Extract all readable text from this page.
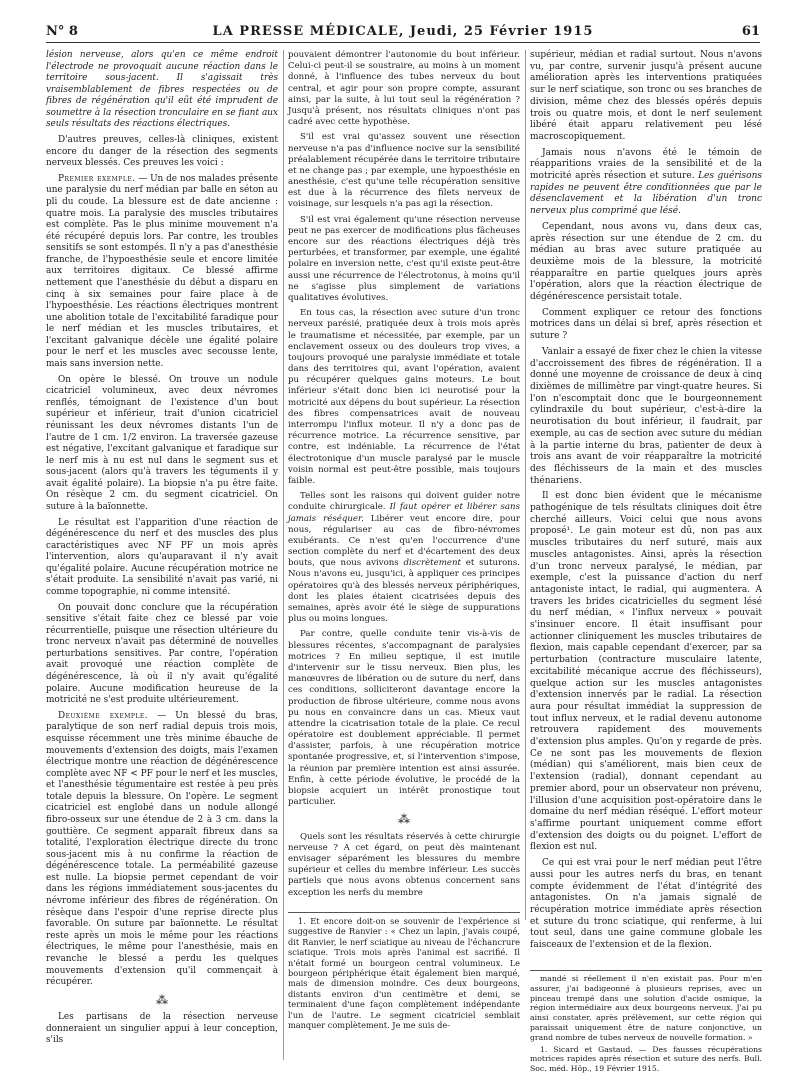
N° 8	LA PRESSE MÉDICALE, Jeudi, 25 Février 1915	61

lésion nerveuse, alors qu'en ce même endroit l'électrode ne provoquait aucune réaction dans le territoire sous-jacent. Il s'agissait très vraisemblablement de fibres respectées ou de fibres de régénération qu'il eût été imprudent de soumettre à la résection tronculaire en se fiant aux seuls résultats des réactions électriques.

D'autres preuves, celles-là cliniques, existent encore du danger de la résection des segments nerveux blessés. Ces preuves les voici :

Premier exemple. — Un de nos malades présente une paralysie du nerf médian par balle en séton au pli du coude. La blessure est de date ancienne : quatre mois. La paralysie des muscles tributaires est complète. Pas le plus minime mouvement n'a été récupéré depuis lors. Par contre, les troubles sensitifs se sont estompés. Il n'y a pas d'anesthésie franche, de l'hypoesthésie seule et encore limitée aux territoires digitaux. Ce blessé affirme nettement que l'anesthésie du début a disparu en cinq à six semaines pour faire place à de l'hypoesthésie. Les réactions électriques montrent une abolition totale de l'excitabilité faradique pour le nerf médian et les muscles tributaires, et l'excitant galvanique décèle une égalité polaire pour le nerf et les muscles avec secousse lente, mais sans inversion nette.

On opère le blessé. On trouve un nodule cicatriciel volumineux, avec deux névromes renflés, témoignant de l'existence d'un bout supérieur et inférieur, trait d'union cicatriciel réunissant les deux névromes distants l'un de l'autre de 1 cm. 1/2 environ. La traversée gazeuse est négative, l'excitant galvanique et faradique sur le nerf mis à nu est nul dans le segment sus et sous-jacent (alors qu'à travers les téguments il y avait égalité polaire). La biopsie n'a pu être faite. On résèque 2 cm. du segment cicatriciel. On suture à la baïonnette.

Le résultat est l'apparition d'une réaction de dégénérescence du nerf et des muscles des plus caractéristiques avec NF PF un mois après l'intervention, alors qu'auparavant il n'y avait qu'égalité polaire. Aucune récupération motrice ne s'était produite. La sensibilité n'avait pas varié, ni comme topographie, ni comme intensité.

On pouvait donc conclure que la récupération sensitive s'était faite chez ce blessé par voie récurrentielle, puisque une résection ultérieure du tronc nerveux n'avait pas déterminé de nouvelles perturbations sensitives. Par contre, l'opération avait provoqué une réaction complète de dégénérescence, là où il n'y avait qu'égalité polaire. Aucune modification heureuse de la motricité ne s'est produite ultérieurement.

Deuxième exemple. — Un blessé du bras, paralytique de son nerf radial depuis trois mois, esquisse récemment une très minime ébauche de mouvements d'extension des doigts, mais l'examen électrique montre une réaction de dégénérescence complète avec NF < PF pour le nerf et les muscles, et l'anesthésie tégumentaire est restée à peu près totale depuis la blessure. On l'opère. Le segment cicatriciel est englobé dans un nodule allongé fibro-osseux sur une étendue de 2 à 3 cm. dans la gouttière. Ce segment apparaît fibreux dans sa totalité, l'exploration électrique directe du tronc sous-jacent mis à nu confirme la réaction de dégénérescence totale. La perméabilité gazeuse est nulle. La biopsie permet cependant de voir dans les régions immédiatement sous-jacentes du névrome inférieur des fibres de régénération. On résèque dans l'espoir d'une reprise directe plus favorable. On suture par baïonnette. Le résultat reste après un mois le même pour les réactions électriques, le même pour l'anesthésie, mais en revanche le blessé a perdu les quelques mouvements d'extension qu'il commençait à récupérer.

⁂

Les partisans de la résection nerveuse donneraient un singulier appui à leur conception, s'ils

pouvaient démontrer l'autonomie du bout inférieur. Celui-ci peut-il se soustraire, au moins à un moment donné, à l'influence des tubes nerveux du bout central, et agir pour son propre compte, assurant ainsi, par la suite, à lui tout seul la régénération ? Jusqu'à présent, nos résultats cliniques n'ont pas cadré avec cette hypothèse.

S'il est vrai qu'assez souvent une résection nerveuse n'a pas d'influence nocive sur la sensibilité préalablement récupérée dans le territoire tributaire et ne change pas ; par exemple, une hypoesthésie en anesthésie, c'est qu'une telle récupération sensitive est due à la récurrence des filets nerveux de voisinage, sur lesquels n'a pas agi la résection.

S'il est vrai également qu'une résection nerveuse peut ne pas exercer de modifications plus fâcheuses encore sur des réactions électriques déjà très perturbées, et transformer, par exemple, une égalité polaire en inversion nette, c'est qu'il existe peut-être aussi une récurrence de l'électrotonus, à moins qu'il ne s'agisse plus simplement de variations qualitatives évolutives.

En tous cas, la résection avec suture d'un tronc nerveux parésié, pratiquée deux à trois mois après le traumatisme et nécessitée, par exemple, par un enclavement osseux ou des douleurs trop vives, a toujours provoqué une paralysie immédiate et totale dans des territoires qui, avant l'opération, avaient pu récupérer quelques gains moteurs. Le bout inférieur s'était donc bien ici neurotisé pour la motricité aux dépens du bout supérieur. La résection des fibres compensatrices avait de nouveau interrompu l'influx moteur. Il n'y a donc pas de récurrence motrice. La récurrence sensitive, par contre, est indéniable. La récurrence de l'état électrotonique d'un muscle paralysé par le muscle voisin normal est peut-être possible, mais toujours faible.

Telles sont les raisons qui doivent guider notre conduite chirurgicale. Il faut opérer et libérer sans jamais réséquer. Libérer veut encore dire, pour nous, régulariser au cas de fibro-névromes exubérants. Ce n'est qu'en l'occurrence d'une section complète du nerf et d'écartement des deux bouts, que nous avivons discrètement et suturons. Nous n'avons eu, jusqu'ici, à appliquer ces principes opératoires qu'à des blessés nerveux périphériques, dont les plaies étaient cicatrisées depuis des semaines, après avoir été le siège de suppurations plus ou moins longues.

Par contre, quelle conduite tenir vis-à-vis de blessures récentes, s'accompagnant de paralysies motrices ? En milieu septique, il est inutile d'intervenir sur le tissu nerveux. Bien plus, les manœuvres de libération ou de suture du nerf, dans ces conditions, solliciteront davantage encore la production de fibrose ultérieure, comme nous avons pu nous en convaincre dans un cas. Mieux vaut attendre la cicatrisation totale de la plaie. Ce recul opératoire est doublement appréciable. Il permet d'assister, parfois, à une récupération motrice spontanée progressive, et, si l'intervention s'impose, la réunion par première intention est ainsi assurée. Enfin, à cette période évolutive, le procédé de la biopsie acquiert un intérêt pronostique tout particulier.

⁂

Quels sont les résultats réservés à cette chirurgie nerveuse ? A cet égard, on peut dès maintenant envisager séparément les blessures du membre supérieur et celles du membre inférieur. Les succès partiels que nous avons obtenus concernent sans exception les nerfs du membre

1. Et encore doit-on se souvenir de l'expérience si suggestive de Ranvier : « Chez un lapin, j'avais coupé, dit Ranvier, le nerf sciatique au niveau de l'échancrure sciatique. Trois mois après l'animal est sacrifié. Il n'était formé un bourgeon central volumineux. Le bourgeon périphérique était également bien marqué, mais de dimension moindre. Ces deux bourgeons, distants environ d'un centimètre et demi, se terminaient d'une façon complètement indépendante l'un de l'autre. Le segment cicatriciel semblait manquer complètement. Je me suis de-

supérieur, médian et radial surtout. Nous n'avons vu, par contre, survenir jusqu'à présent aucune amélioration après les interventions pratiquées sur le nerf sciatique, son tronc ou ses branches de division, même chez des blessés opérés depuis trois ou quatre mois, et dont le nerf seulement libéré était apparu relativement peu lésé macroscopiquement.

Jamais nous n'avons été le témoin de réapparitions vraies de la sensibilité et de la motricité après résection et suture. Les guérisons rapides ne peuvent être conditionnées que par le désenclavement et la libération d'un tronc nerveux plus comprimé que lésé.

Cependant, nous avons vu, dans deux cas, après résection sur une étendue de 2 cm. du médian au bras avec suture pratiquée au deuxième mois de la blessure, la motricité réapparaître en partie quelques jours après l'opération, alors que la réaction électrique de dégénérescence persistait totale.

Comment expliquer ce retour des fonctions motrices dans un délai si bref, après résection et suture ?

Vanlair a essayé de fixer chez le chien la vitesse d'accroissement des fibres de régénération. Il a donné une moyenne de croissance de deux à cinq dixièmes de millimètre par vingt-quatre heures. Si l'on n'escomptait donc que le bourgeonnement cylindraxile du bout supérieur, c'est-à-dire la neurotisation du bout inférieur, il faudrait, par exemple, au cas de section avec suture du médian à la partie interne du bras, patienter de deux à trois ans avant de voir réapparaître la motricité des fléchisseurs de la main et des muscles thénariens.

Il est donc bien évident que le mécanisme pathogénique de tels résultats cliniques doit être cherché ailleurs. Voici celui que nous avons proposé¹. Le gain moteur est dû, non pas aux muscles tributaires du nerf suturé, mais aux muscles antagonistes. Ainsi, après la résection d'un tronc nerveux paralysé, le médian, par exemple, c'est la puissance d'action du nerf antagoniste intact, le radial, qui augmentera. A travers les brides cicatricielles du segment lésé du nerf médian, « l'influx nerveux » pouvait s'insinuer encore. Il était insuffisant pour actionner cliniquement les muscles tributaires de flexion, mais capable cependant d'exercer, par sa perturbation (contracture musculaire latente, excitabilité mécanique accrue des fléchisseurs), quelque action sur les muscles antagonistes d'extension innervés par le radial. La résection aura pour résultat immédiat la suppression de tout influx nerveux, et le radial devenu autonome retrouvera rapidement des mouvements d'extension plus amples. Qu'on y regarde de près. Ce ne sont pas les mouvements de flexion (médian) qui s'améliorent, mais bien ceux de l'extension (radial), donnant cependant au premier abord, pour un observateur non prévenu, l'illusion d'une acquisition post-opératoire dans le domaine du nerf médian réséqué. L'effort moteur s'affirme pourtant uniquement comme effort d'extension des doigts ou du poignet. L'effort de flexion est nul.

Ce qui est vrai pour le nerf médian peut l'être aussi pour les autres nerfs du bras, en tenant compte évidemment de l'état d'intégrité des antagonistes. On n'a jamais signalé de récupération motrice immédiate après résection et suture du tronc sciatique, qui renferme, à lui tout seul, dans une gaine commune globale les faisceaux de l'extension et de la flexion.

mandé si réellement il n'en existait pas. Pour m'en assurer, j'ai badigeonné à plusieurs reprises, avec un pinceau trempé dans une solution d'acide osmique, la région intermédiaire aux deux bourgeons nerveux. J'ai pu ainsi constater, après prélèvement, sur cette région qui paraissait uniquement être de nature conjonctive, un grand nombre de tubes nerveux de nouvelle formation. »

1. Sicard et Gastaud. — Des fausses récupérations motrices rapides après résection et suture des nerfs. Bull. Soc. méd. Hôp., 19 Février 1915.
